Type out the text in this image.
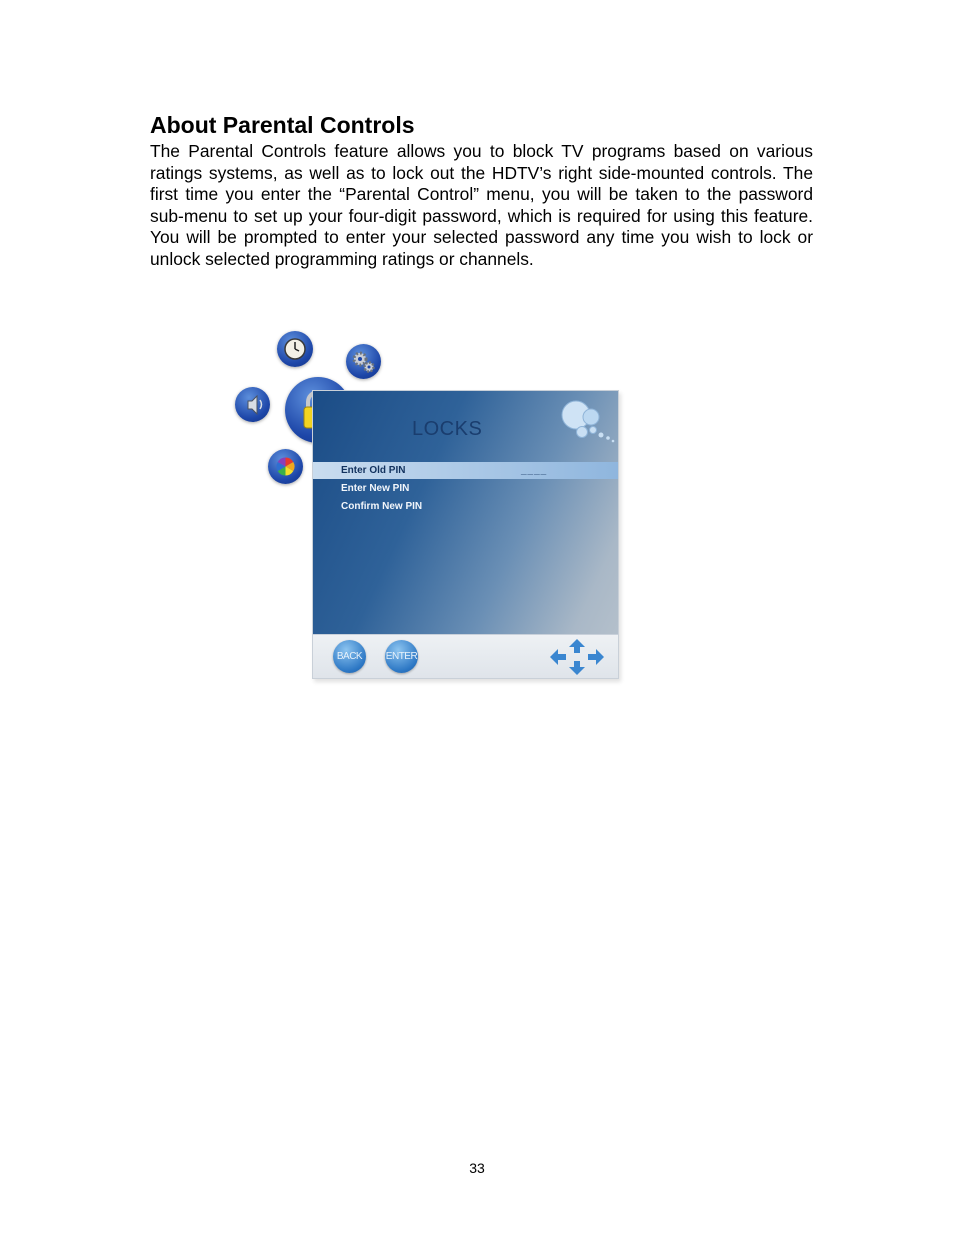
About Parental Controls

The Parental Controls feature allows you to block TV programs based on various ratings systems, as well as to lock out the HDTV’s right side-mounted controls. The first time you enter the “Parental Control” menu, you will be taken to the password sub-menu to set up your four-digit password, which is required for using this feature. You will be prompted to enter your selected password any time you wish to lock or unlock selected programming ratings or channels.

LOCKS
Enter Old PIN	____
Enter New PIN
Confirm New PIN
BACK	ENTER
33
